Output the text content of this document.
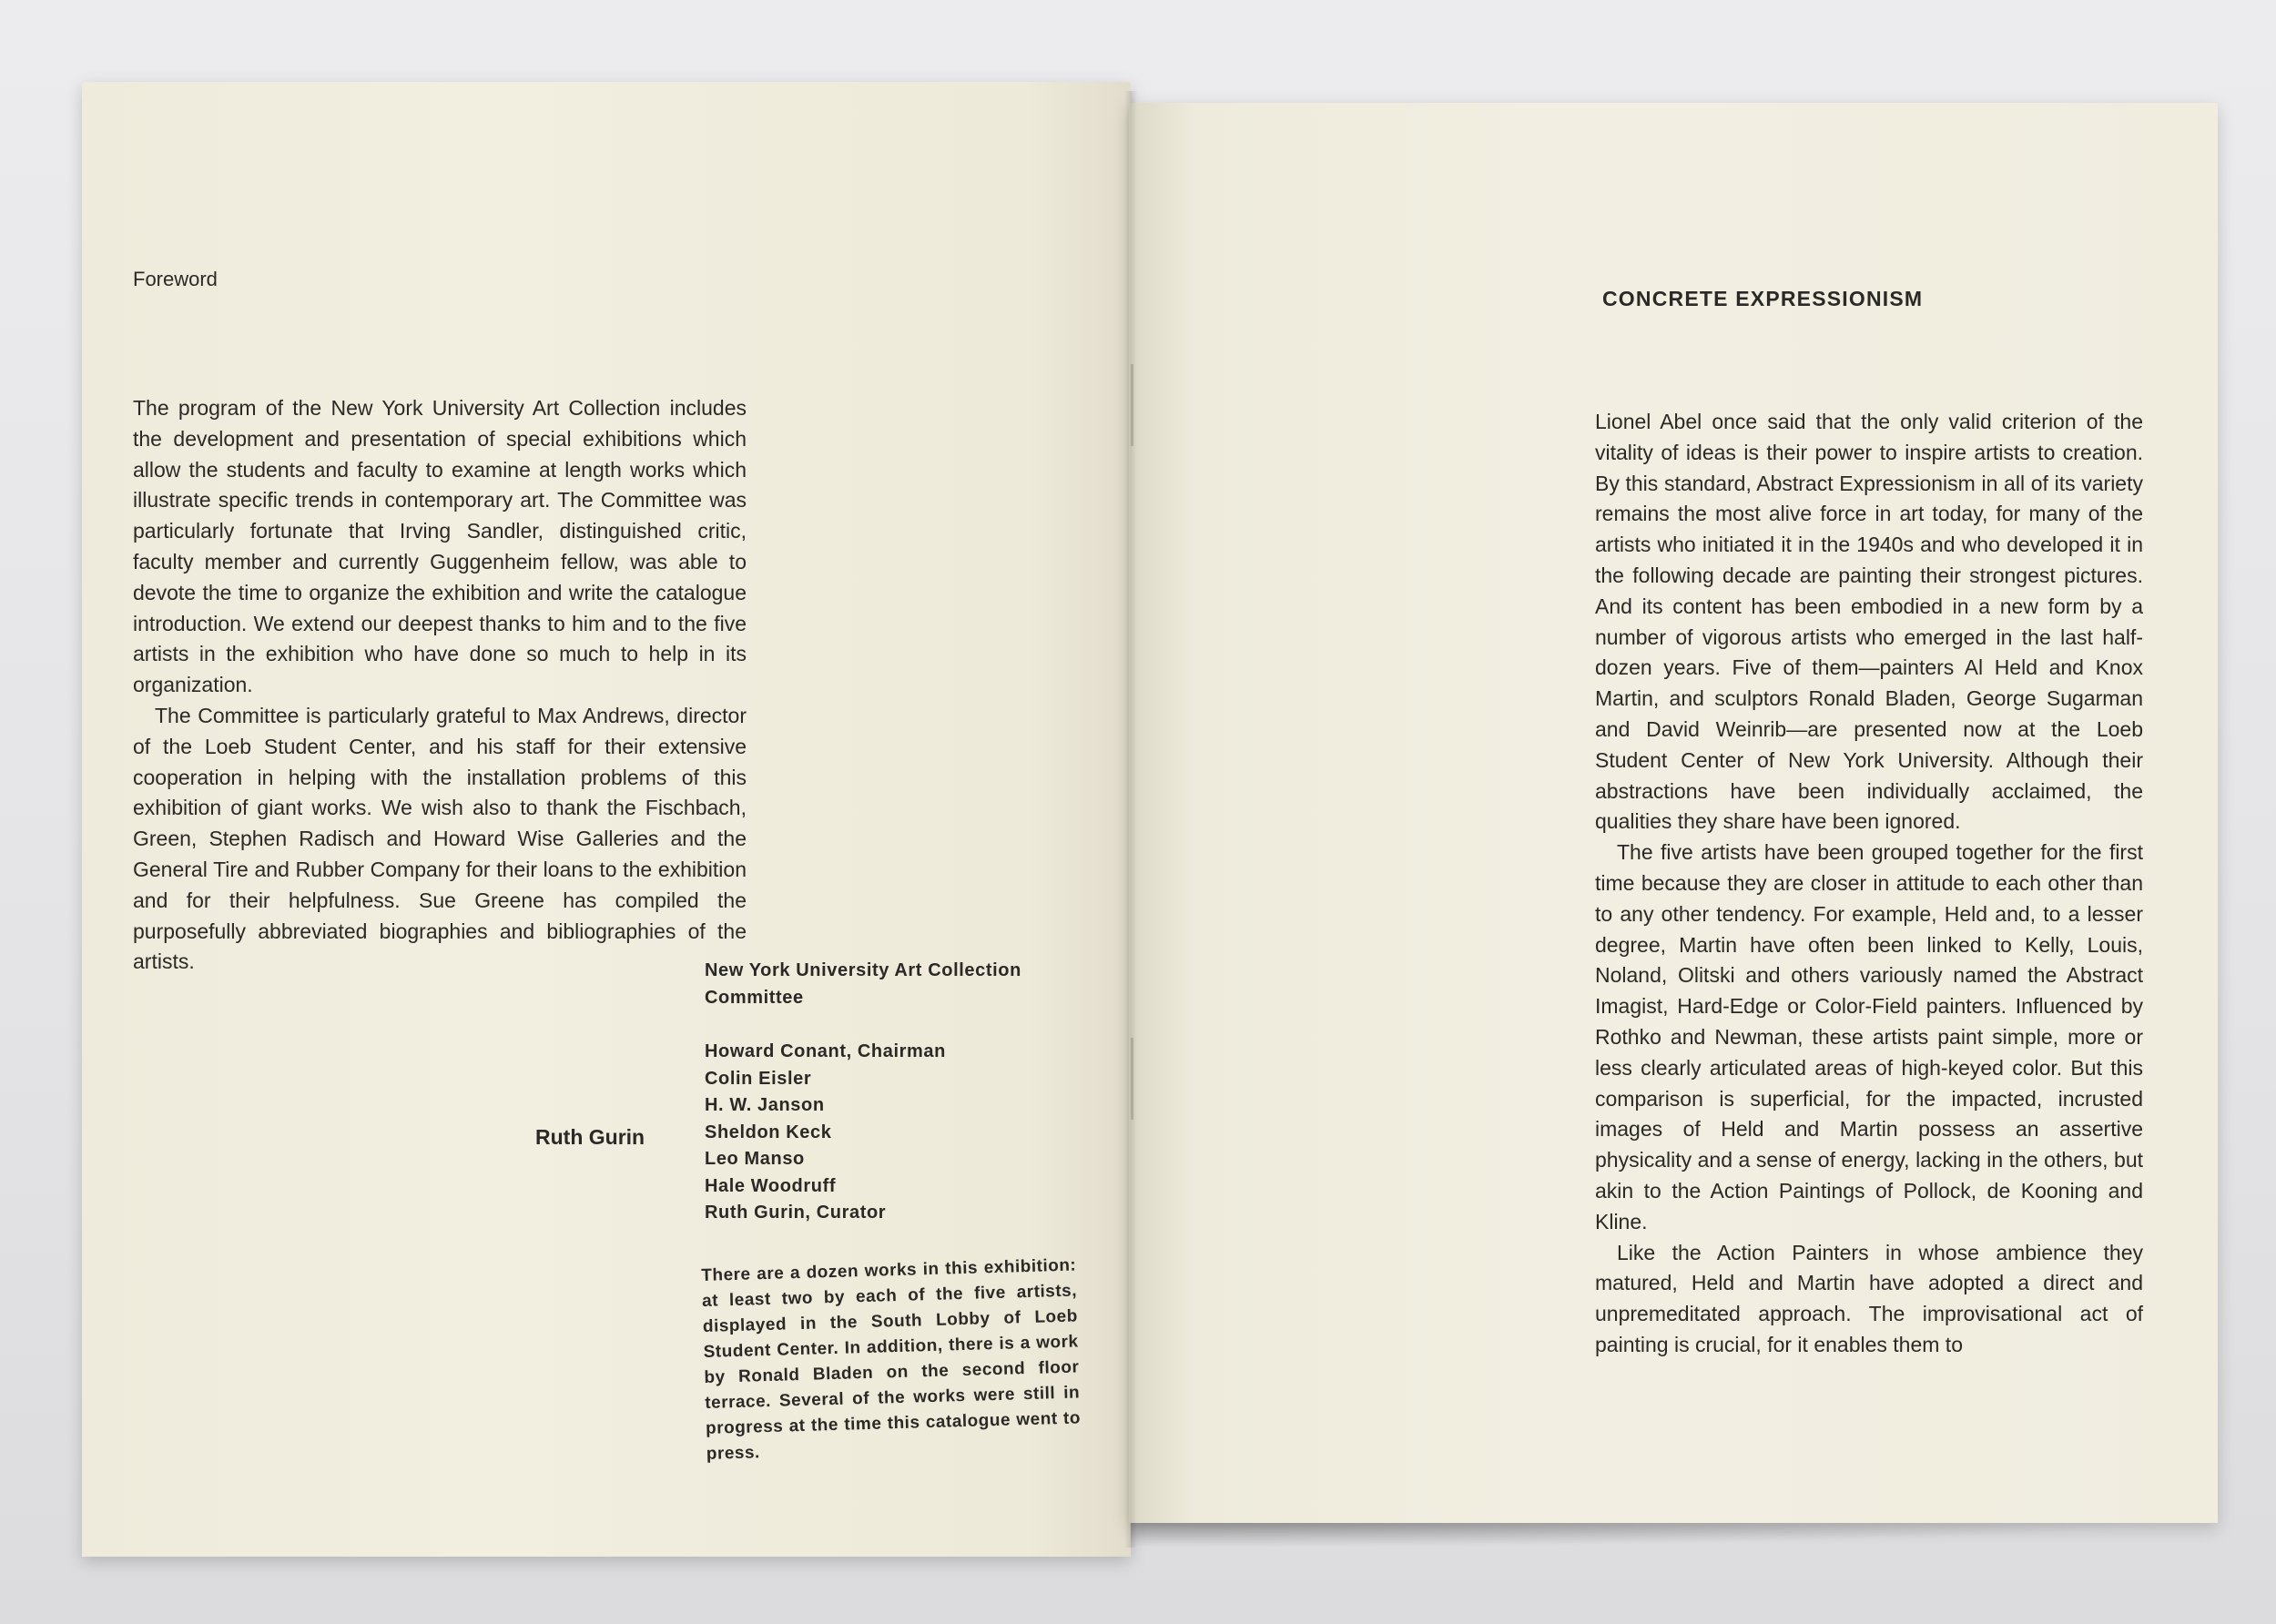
Foreword

The program of the New York University Art Collection includes the development and presentation of special exhibitions which allow the students and faculty to examine at length works which illustrate specific trends in contemporary art. The Committee was particularly fortunate that Irving Sandler, distinguished critic, faculty member and currently Guggenheim fellow, was able to devote the time to organize the exhibition and write the catalogue introduction. We extend our deepest thanks to him and to the five artists in the exhibition who have done so much to help in its organization.

The Committee is particularly grateful to Max Andrews, director of the Loeb Student Center, and his staff for their extensive cooperation in helping with the installation problems of this exhibition of giant works. We wish also to thank the Fischbach, Green, Stephen Radisch and Howard Wise Galleries and the General Tire and Rubber Company for their loans to the exhibition and for their helpfulness. Sue Greene has compiled the purposefully abbreviated biographies and bibliographies of the artists.

Ruth Gurin
New York University Art Collection
Committee
Howard Conant, Chairman
Colin Eisler
H. W. Janson
Sheldon Keck
Leo Manso
Hale Woodruff
Ruth Gurin, Curator
There are a dozen works in this exhibition: at least two by each of the five artists, displayed in the South Lobby of Loeb Student Center. In addition, there is a work by Ronald Bladen on the second floor terrace. Several of the works were still in progress at the time this catalogue went to press.
CONCRETE EXPRESSIONISM

Lionel Abel once said that the only valid criterion of the vitality of ideas is their power to inspire artists to creation. By this standard, Abstract Expressionism in all of its variety remains the most alive force in art today, for many of the artists who initiated it in the 1940s and who developed it in the following decade are painting their strongest pictures. And its content has been embodied in a new form by a number of vigorous artists who emerged in the last half-dozen years. Five of them—painters Al Held and Knox Martin, and sculptors Ronald Bladen, George Sugarman and David Weinrib—are presented now at the Loeb Student Center of New York University. Although their abstractions have been individually acclaimed, the qualities they share have been ignored.

The five artists have been grouped together for the first time because they are closer in attitude to each other than to any other tendency. For example, Held and, to a lesser degree, Martin have often been linked to Kelly, Louis, Noland, Olitski and others variously named the Abstract Imagist, Hard-Edge or Color-Field painters. Influenced by Rothko and Newman, these artists paint simple, more or less clearly articulated areas of high-keyed color. But this comparison is superficial, for the impacted, incrusted images of Held and Martin possess an assertive physicality and a sense of energy, lacking in the others, but akin to the Action Paintings of Pollock, de Kooning and Kline.

Like the Action Painters in whose ambience they matured, Held and Martin have adopted a direct and unpremeditated approach. The improvisational act of painting is crucial, for it enables them to
